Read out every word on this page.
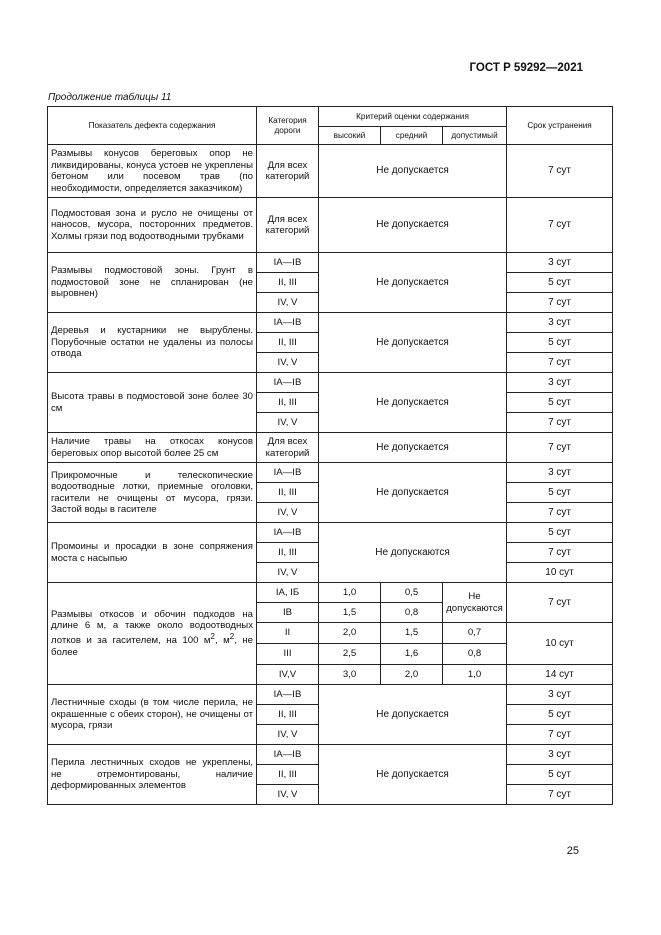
ГОСТ Р 59292—2021
Продолжение таблицы 11
Показатель дефекта содержания	Категория дороги	Критерий оценки содержания			Срок устранения
		высокий	средний	допустимый	
Размывы конусов береговых опор не ликвидированы, конуса устоев не укреплены бетоном или посевом трав (по необходимости, определяется заказчиком)	Для всех категорий	Не допускается			7 сут
Подмостовая зона и русло не очищены от наносов, мусора, посторонних предметов. Холмы грязи под водоотводными трубками	Для всех категорий	Не допускается			7 сут
Размывы подмостовой зоны. Грунт в подмостовой зоне не спланирован (не выровнен)	IA—IB	Не допускается			3 сут
	II, III				5 сут
	IV, V				7 сут
Деревья и кустарники не вырублены. Порубочные остатки не удалены из полосы отвода	IA—IB	Не допускается			3 сут
	II, III				5 сут
	IV, V				7 сут
Высота травы в подмостовой зоне более 30 см	IA—IB	Не допускается			3 сут
	II, III				5 сут
	IV, V				7 сут
Наличие травы на откосах конусов береговых опор высотой более 25 см	Для всех категорий	Не допускается			7 сут
Прикромочные и телескопические водоотводные лотки, приемные оголовки, гасители не очищены от мусора, грязи. Застой воды в гасителе	IA—IB	Не допускается			3 сут
	II, III				5 сут
	IV, V				7 сут
Промоины и просадки в зоне сопряжения моста с насыпью	IA—IB	Не допускаются			5 сут
	II, III				7 сут
	IV, V				10 сут
Размывы откосов и обочин подходов на длине 6 м, а также около водоотводных лотков и за гасителем, на 100 $м^2$, $м^2$, не более	IA, IБ	1,0	0,5	Не допускаются	7 сут
	IB	1,5	0,8		
	II	2,0	1,5	0,7	10 сут
	III	2,5	1,6	0,8	
	IV,V	3,0	2,0	1,0	14 сут
Лестничные сходы (в том числе перила, не окрашенные с обеих сторон), не очищены от мусора, грязи	IA—IB	Не допускается			3 сут
	II, III				5 сут
	IV, V				7 сут
Перила лестничных сходов не укреплены, не отремонтированы, наличие деформированных элементов	IA—IB	Не допускается			3 сут
	II, III				5 сут
	IV, V				7 сут
25
